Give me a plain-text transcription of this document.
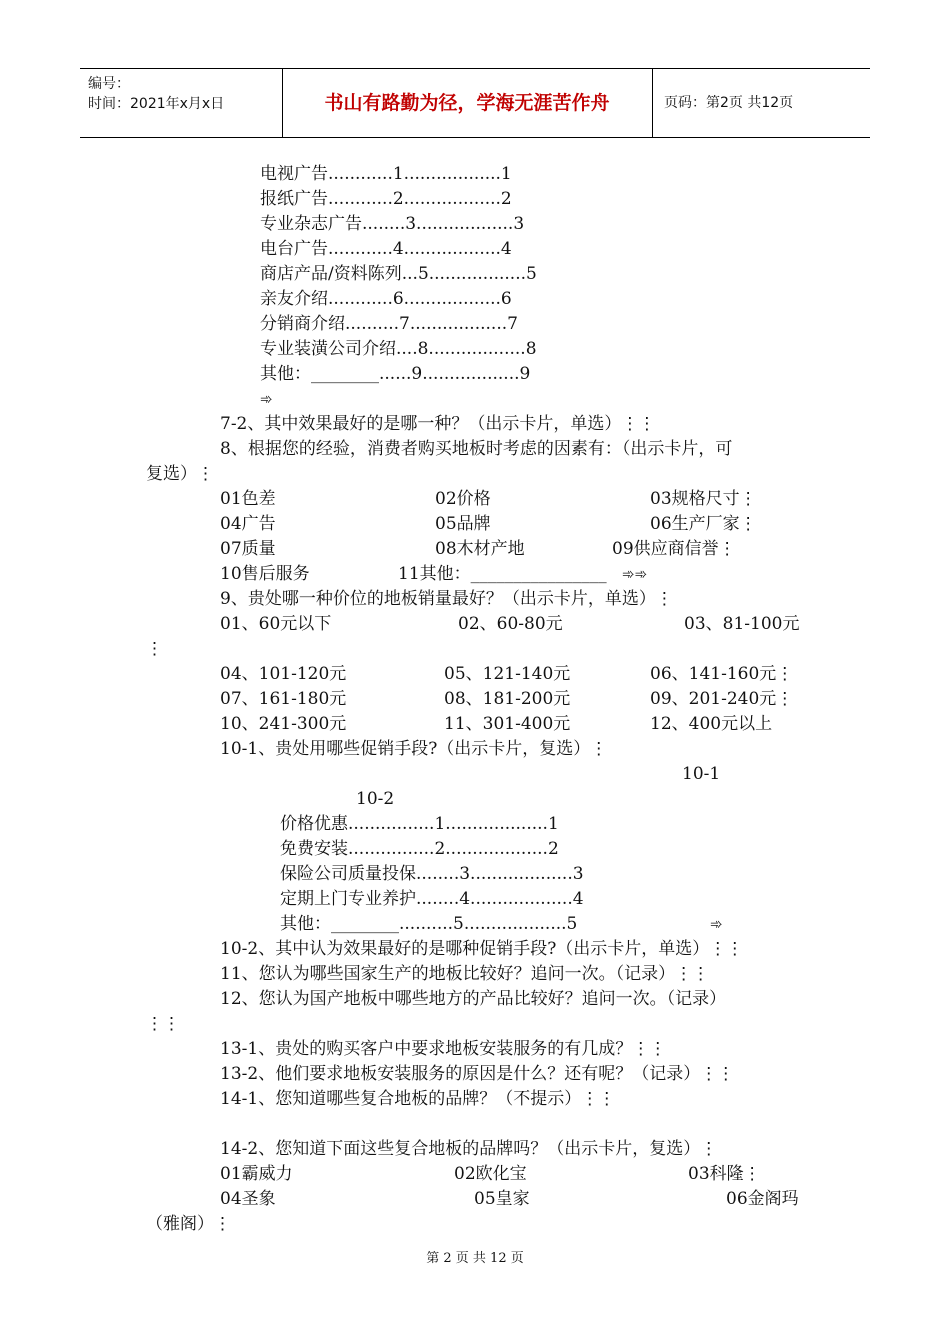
编号：
时间：2021年x月x日	书山有路勤为径，学海无涯苦作舟	页码：第2页 共12页
电视广告............1..................1
报纸广告............2..................2
专业杂志广告........3..................3
电台广告............4..................4
商店产品/资料陈列...5..................5
亲友介绍............6..................6
分销商介绍..........7..................7
专业装潢公司介绍....8..................8
其他：________......9..................9
7-2、其中效果最好的是哪一种？（出示卡片，单选）⋮⋮
8、根据您的经验，消费者购买地板时考虑的因素有：（出示卡片，可
复选）⋮
01色差	02价格	03规格尺寸⋮
04广告	05品牌	06生产厂家⋮
07质量	08木材产地	09供应商信誉⋮
10售后服务	11其他：________________
9、贵处哪一种价位的地板销量最好？（出示卡片，单选）⋮
01、60元以下	02、60-80元	03、81-100元
⋮
04、101-120元	05、121-140元	06、141-160元⋮
07、161-180元	08、181-200元	09、201-240元⋮
10、241-300元	11、301-400元	12、400元以上
10-1、贵处用哪些促销手段?（出示卡片，复选）⋮
10-1
10-2
价格优惠................1...................1
免费安装................2...................2
保险公司质量投保........3...................3
定期上门专业养护........4...................4
其他：________..........5...................5
10-2、其中认为效果最好的是哪种促销手段?（出示卡片，单选）⋮⋮
11、您认为哪些国家生产的地板比较好？追问一次。（记录）⋮⋮
12、您认为国产地板中哪些地方的产品比较好？追问一次。（记录）
⋮⋮
13-1、贵处的购买客户中要求地板安装服务的有几成？⋮⋮
13-2、他们要求地板安装服务的原因是什么？还有呢？（记录）⋮⋮
14-1、您知道哪些复合地板的品牌？（不提示）⋮⋮
14-2、您知道下面这些复合地板的品牌吗？（出示卡片，复选）⋮
01霸威力	02欧化宝	03科隆⋮
04圣象	05皇家	06金阁玛
（雅阁）⋮
➾
➾➾
➾
第 2 页 共 12 页
